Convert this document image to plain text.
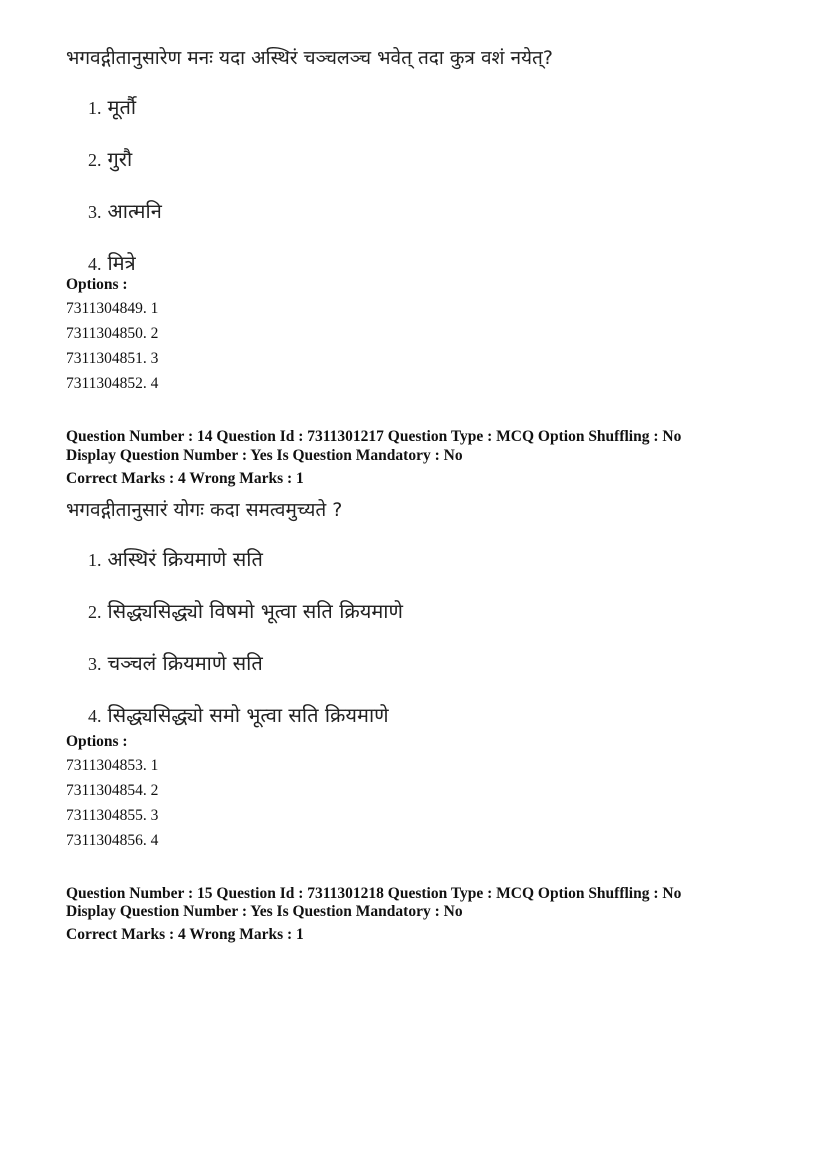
भगवद्गीतानुसारेण मनः यदा अस्थिरं चञ्चलञ्च भवेत् तदा कुत्र वशं नयेत्?
1. मूर्तौ
2. गुरौ
3. आत्मनि
4. मित्रे
Options :
7311304849. 1
7311304850. 2
7311304851. 3
7311304852. 4
Question Number : 14 Question Id : 7311301217 Question Type : MCQ Option Shuffling : No
Display Question Number : Yes Is Question Mandatory : No
Correct Marks : 4 Wrong Marks : 1
भगवद्गीतानुसारं योगः कदा समत्वमुच्यते ?
1. अस्थिरं क्रियमाणे सति
2. सिद्ध्यसिद्ध्यो विषमो भूत्वा सति क्रियमाणे
3. चञ्चलं क्रियमाणे सति
4. सिद्ध्यसिद्ध्यो समो भूत्वा सति क्रियमाणे
Options :
7311304853. 1
7311304854. 2
7311304855. 3
7311304856. 4
Question Number : 15 Question Id : 7311301218 Question Type : MCQ Option Shuffling : No
Display Question Number : Yes Is Question Mandatory : No
Correct Marks : 4 Wrong Marks : 1
